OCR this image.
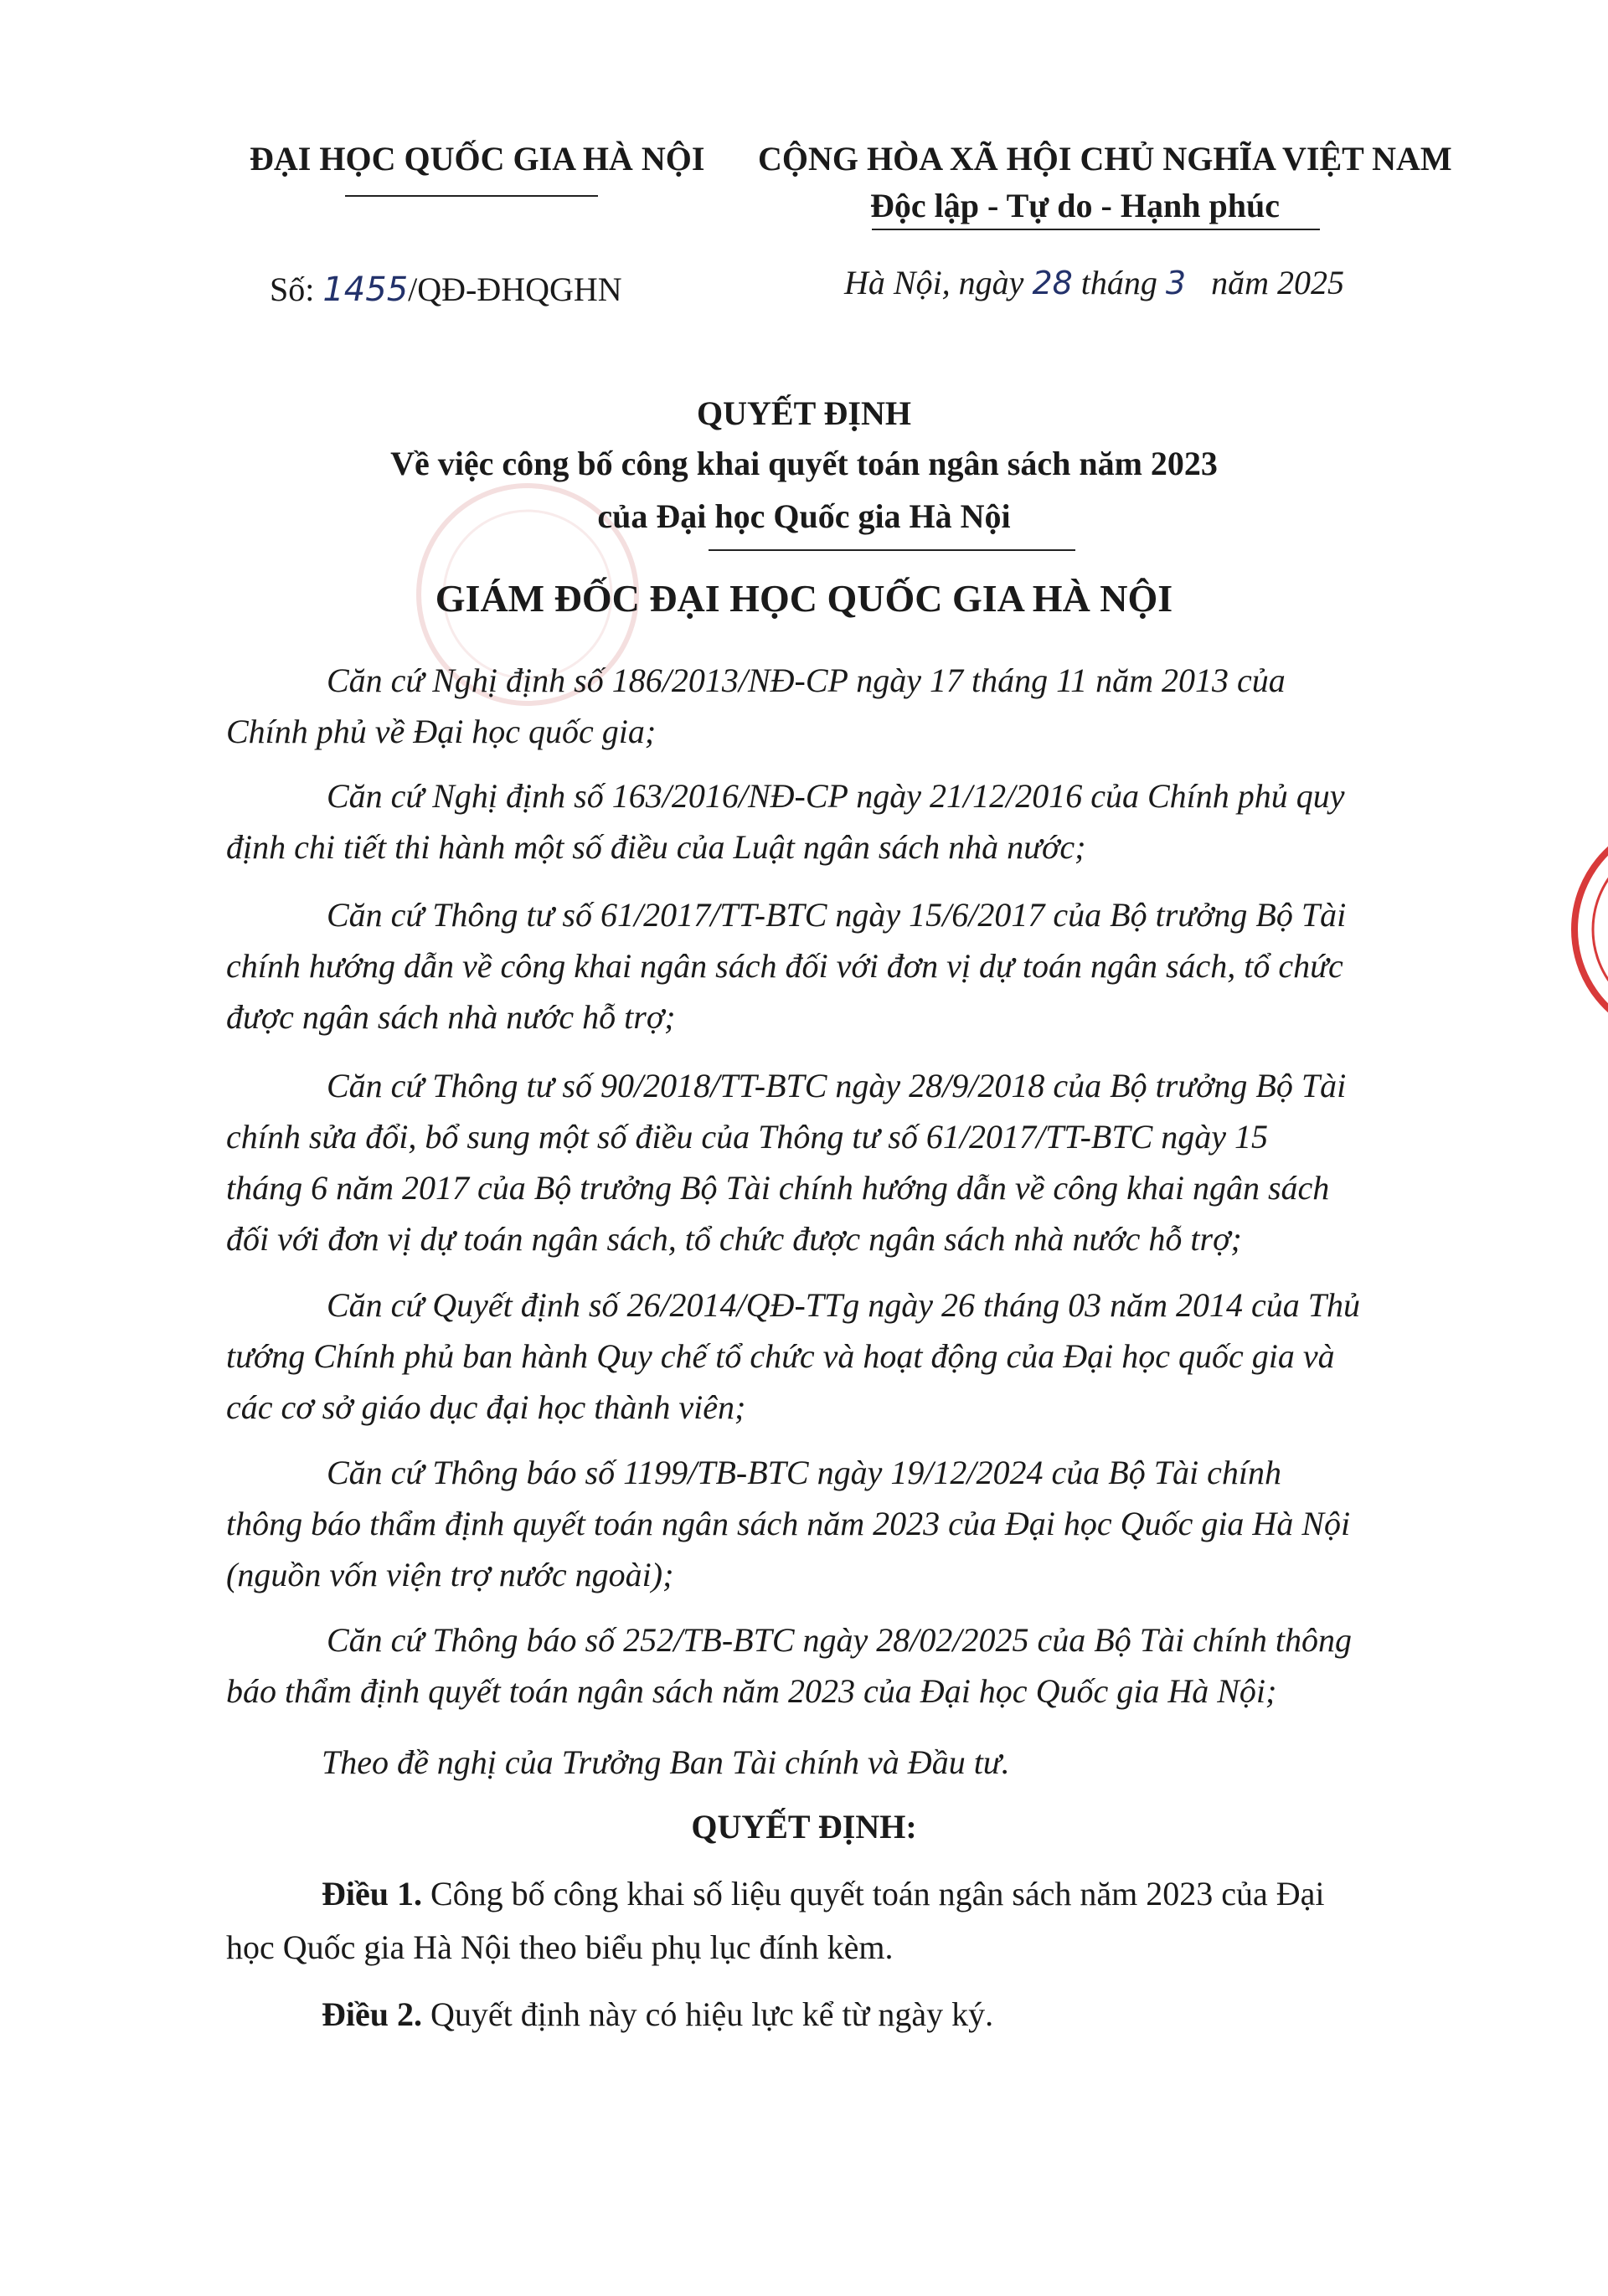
ĐẠI HỌC QUỐC GIA HÀ NỘI CỘNG HÒA XÃ HỘI CHỦ NGHĨA VIỆT NAM
Độc lập - Tự do - Hạnh phúc
Số: 1455/QĐ-ĐHQGHN	Hà Nội, ngày 28 tháng 3 năm 2025
QUYẾT ĐỊNH
Về việc công bố công khai quyết toán ngân sách năm 2023
của Đại học Quốc gia Hà Nội
GIÁM ĐỐC ĐẠI HỌC QUỐC GIA HÀ NỘI
Căn cứ Nghị định số 186/2013/NĐ-CP ngày 17 tháng 11 năm 2013 của
Chính phủ về Đại học quốc gia;
Căn cứ Nghị định số 163/2016/NĐ-CP ngày 21/12/2016 của Chính phủ quy
định chi tiết thi hành một số điều của Luật ngân sách nhà nước;
Căn cứ Thông tư số 61/2017/TT-BTC ngày 15/6/2017 của Bộ trưởng Bộ Tài
chính hướng dẫn về công khai ngân sách đối với đơn vị dự toán ngân sách, tổ chức
được ngân sách nhà nước hỗ trợ;
Căn cứ Thông tư số 90/2018/TT-BTC ngày 28/9/2018 của Bộ trưởng Bộ Tài
chính sửa đổi, bổ sung một số điều của Thông tư số 61/2017/TT-BTC ngày 15
tháng 6 năm 2017 của Bộ trưởng Bộ Tài chính hướng dẫn về công khai ngân sách
đối với đơn vị dự toán ngân sách, tổ chức được ngân sách nhà nước hỗ trợ;
Căn cứ Quyết định số 26/2014/QĐ-TTg ngày 26 tháng 03 năm 2014 của Thủ
tướng Chính phủ ban hành Quy chế tổ chức và hoạt động của Đại học quốc gia và
các cơ sở giáo dục đại học thành viên;
Căn cứ Thông báo số 1199/TB-BTC ngày 19/12/2024 của Bộ Tài chính
thông báo thẩm định quyết toán ngân sách năm 2023 của Đại học Quốc gia Hà Nội
(nguồn vốn viện trợ nước ngoài);
Căn cứ Thông báo số 252/TB-BTC ngày 28/02/2025 của Bộ Tài chính thông
báo thẩm định quyết toán ngân sách năm 2023 của Đại học Quốc gia Hà Nội;
Theo đề nghị của Trưởng Ban Tài chính và Đầu tư.
QUYẾT ĐỊNH:
Điều 1. Công bố công khai số liệu quyết toán ngân sách năm 2023 của Đại
học Quốc gia Hà Nội theo biểu phụ lục đính kèm.
Điều 2. Quyết định này có hiệu lực kể từ ngày ký.
